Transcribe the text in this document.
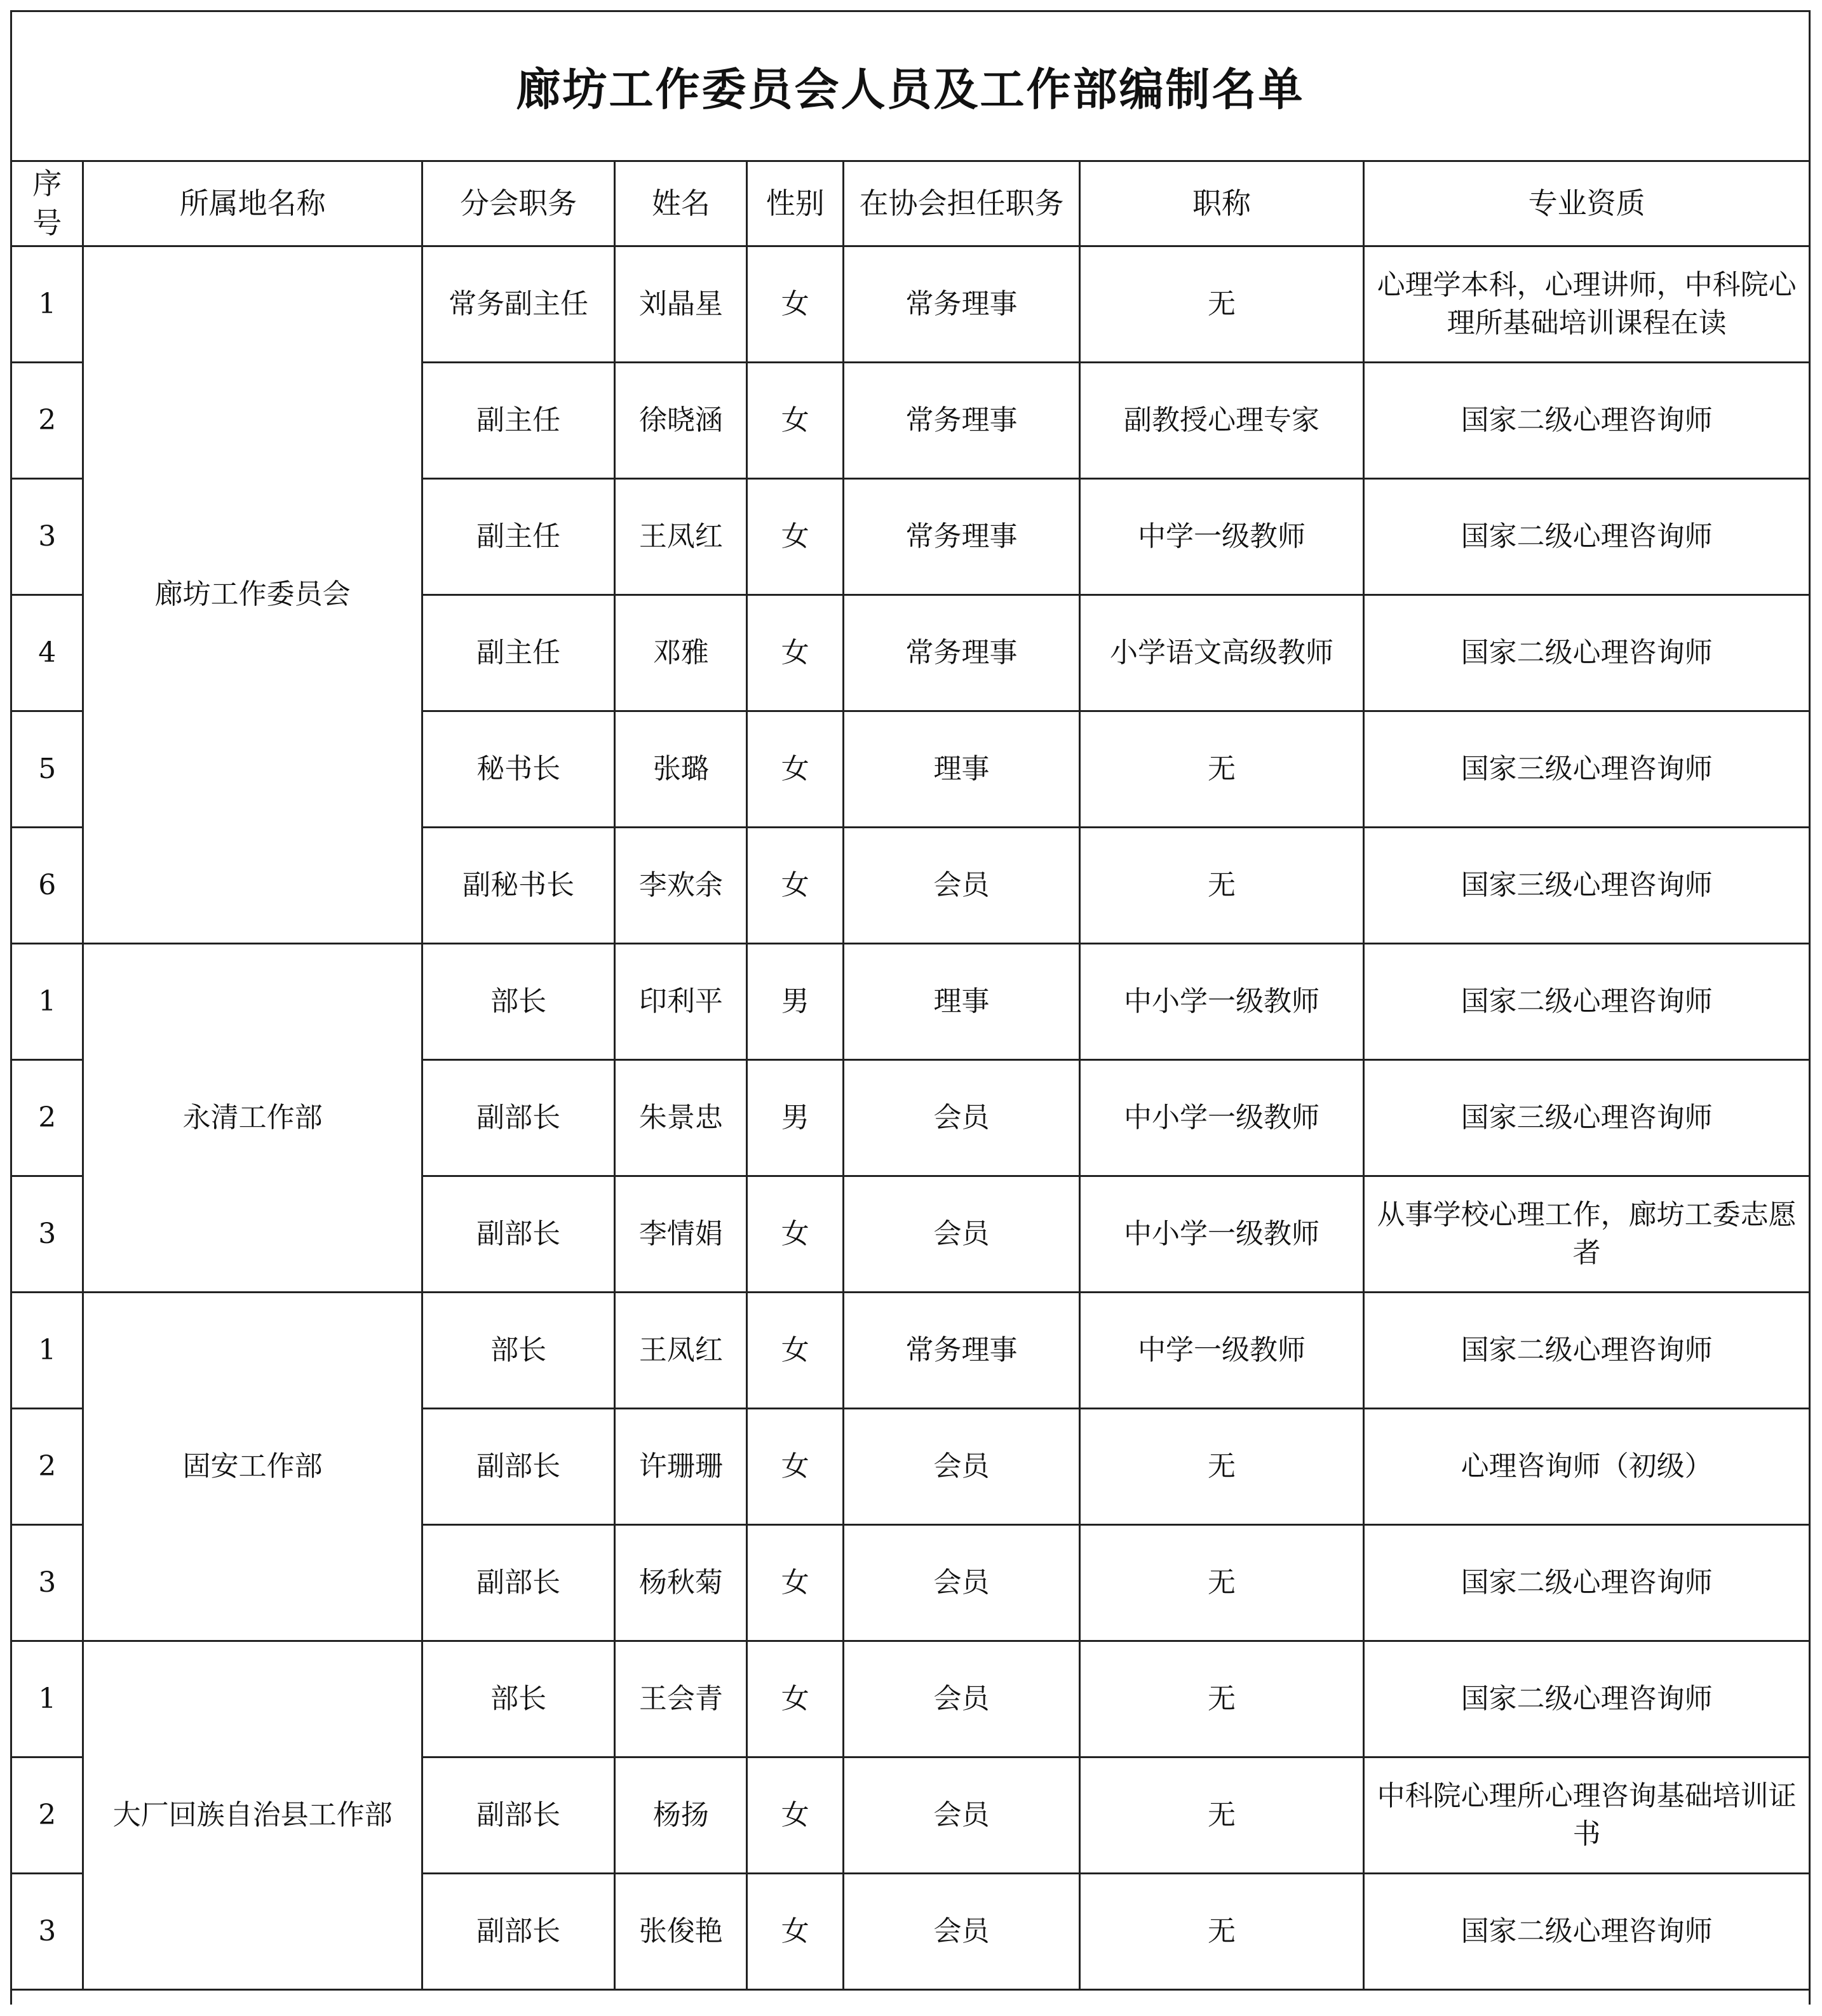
廊坊工作委员会人员及工作部编制名单
序号	所属地名称	分会职务	姓名	性别	在协会担任职务	职称	专业资质
1	廊坊工作委员会	常务副主任	刘晶星	女	常务理事	无	心理学本科，心理讲师，中科院心理所基础培训课程在读
2		副主任	徐晓涵	女	常务理事	副教授心理专家	国家二级心理咨询师
3		副主任	王凤红	女	常务理事	中学一级教师	国家二级心理咨询师
4		副主任	邓雅	女	常务理事	小学语文高级教师	国家二级心理咨询师
5		秘书长	张璐	女	理事	无	国家三级心理咨询师
6		副秘书长	李欢余	女	会员	无	国家三级心理咨询师
1	永清工作部	部长	印利平	男	理事	中小学一级教师	国家二级心理咨询师
2		副部长	朱景忠	男	会员	中小学一级教师	国家三级心理咨询师
3		副部长	李情娟	女	会员	中小学一级教师	从事学校心理工作，廊坊工委志愿者
1	固安工作部	部长	王凤红	女	常务理事	中学一级教师	国家二级心理咨询师
2		副部长	许珊珊	女	会员	无	心理咨询师（初级）
3		副部长	杨秋菊	女	会员	无	国家二级心理咨询师
1	大厂回族自治县工作部	部长	王会青	女	会员	无	国家二级心理咨询师
2		副部长	杨扬	女	会员	无	中科院心理所心理咨询基础培训证书
3		副部长	张俊艳	女	会员	无	国家二级心理咨询师
